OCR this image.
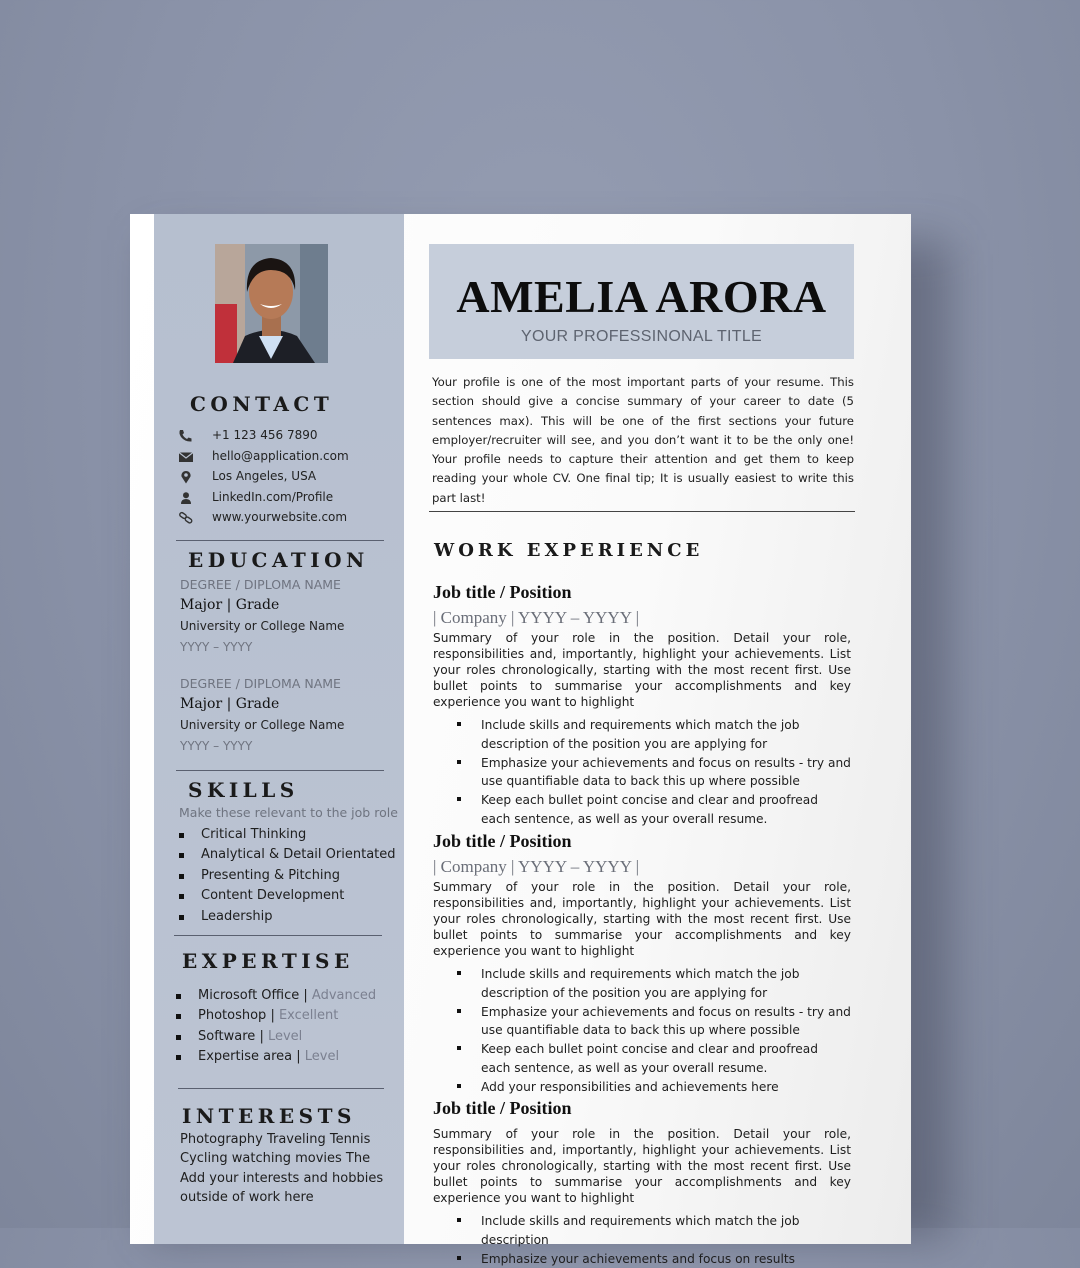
CONTACT
+1 123 456 7890
hello@application.com
Los Angeles, USA
LinkedIn.com/Profile
www.yourwebsite.com
EDUCATION
DEGREE / DIPLOMA NAME
Major | Grade
University or College Name
YYYY – YYYY
DEGREE / DIPLOMA NAME
Major | Grade
University or College Name
YYYY – YYYY
SKILLS
Make these relevant to the job role
Critical Thinking
Analytical & Detail Orientated
Presenting & Pitching
Content Development
Leadership
EXPERTISE
Microsoft Office | Advanced
Photoshop | Excellent
Software | Level
Expertise area | Level
INTERESTS
Photography Traveling Tennis Cycling watching movies The Add your interests and hobbies outside of work here
AMELIA ARORA
YOUR PROFESSINONAL TITLE

Your profile is one of the most important parts of your resume. This section should give a concise summary of your career to date (5 sentences max). This will be one of the first sections your future employer/recruiter will see, and you don’t want it to be the only one! Your profile needs to capture their attention and get them to keep reading your whole CV. One final tip; It is usually easiest to write this part last!

WORK EXPERIENCE
Job title / Position
| Company | YYYY – YYYY |

Summary of your role in the position. Detail your role, responsibilities and, importantly, highlight your achievements. List your roles chronologically, starting with the most recent first. Use bullet points to summarise your accomplishments and key experience you want to highlight

Include skills and requirements which match the job description of the position you are applying for
Emphasize your achievements and focus on results - try and use quantifiable data to back this up where possible
Keep each bullet point concise and clear and proofread each sentence, as well as your overall resume.
Job title / Position
| Company | YYYY – YYYY |

Summary of your role in the position. Detail your role, responsibilities and, importantly, highlight your achievements. List your roles chronologically, starting with the most recent first. Use bullet points to summarise your accomplishments and key experience you want to highlight

Include skills and requirements which match the job description of the position you are applying for
Emphasize your achievements and focus on results - try and use quantifiable data to back this up where possible
Keep each bullet point concise and clear and proofread each sentence, as well as your overall resume.
Add your responsibilities and achievements here
Job title / Position

Summary of your role in the position. Detail your role, responsibilities and, importantly, highlight your achievements. List your roles chronologically, starting with the most recent first. Use bullet points to summarise your accomplishments and key experience you want to highlight

Include skills and requirements which match the job description
Emphasize your achievements and focus on results
